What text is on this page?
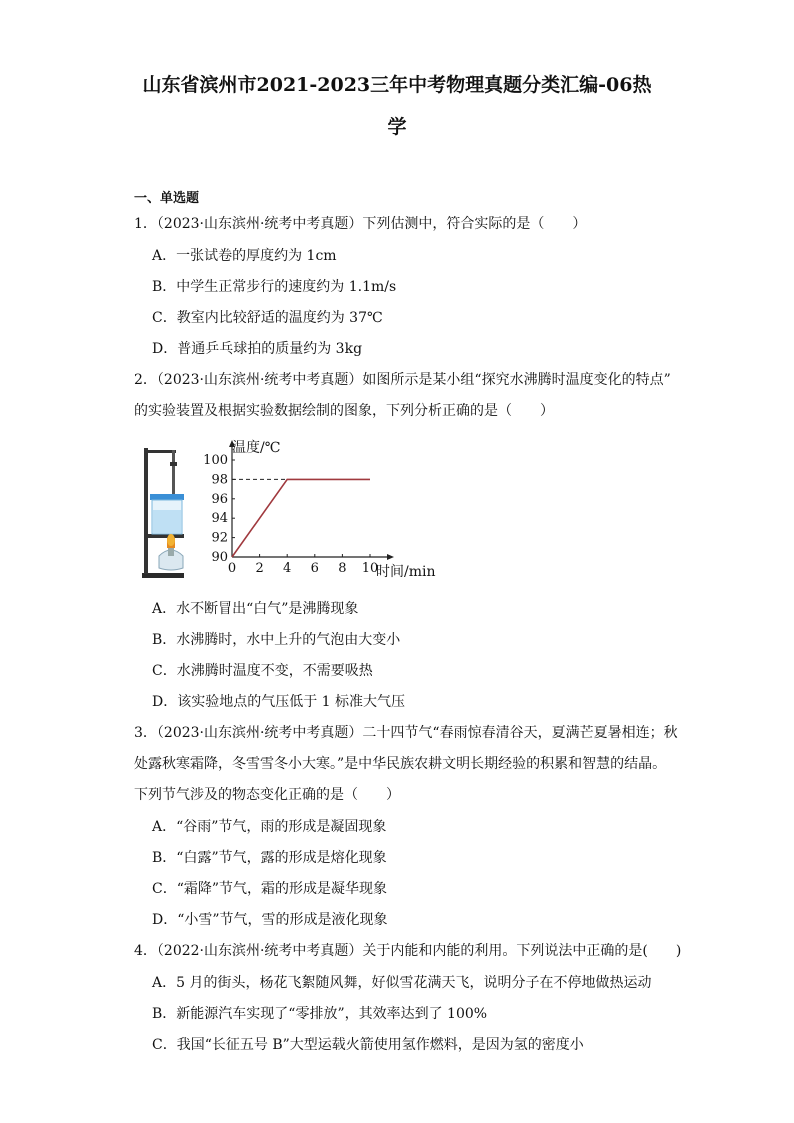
山东省滨州市2021-2023三年中考物理真题分类汇编-06热
学
一、单选题
1．（2023·山东滨州·统考中考真题）下列估测中，符合实际的是（　　）
A．一张试卷的厚度约为 1cm
B．中学生正常步行的速度约为 1.1m/s
C．教室内比较舒适的温度约为 37℃
D．普通乒乓球拍的质量约为 3kg
2．（2023·山东滨州·统考中考真题）如图所示是某小组“探究水沸腾时温度变化的特点”
的实验装置及根据实验数据绘制的图象，下列分析正确的是（　　）
0 2 4 6 8 10
90
92
94
96
98
100
温度/℃
时间/min
A．水不断冒出“白气”是沸腾现象
B．水沸腾时，水中上升的气泡由大变小
C．水沸腾时温度不变，不需要吸热
D．该实验地点的气压低于 1 标准大气压
3．（2023·山东滨州·统考中考真题）二十四节气“春雨惊春清谷天，夏满芒夏暑相连；秋
处露秋寒霜降，冬雪雪冬小大寒。”是中华民族农耕文明长期经验的积累和智慧的结晶。
下列节气涉及的物态变化正确的是（　　）
A．“谷雨”节气，雨的形成是凝固现象
B．“白露”节气，露的形成是熔化现象
C．“霜降”节气，霜的形成是凝华现象
D．“小雪”节气，雪的形成是液化现象
4．（2022·山东滨州·统考中考真题）关于内能和内能的利用。下列说法中正确的是(　　)
A．5 月的街头，杨花飞絮随风舞，好似雪花满天飞，说明分子在不停地做热运动
B．新能源汽车实现了“零排放”，其效率达到了 100%
C．我国“长征五号 B”大型运载火箭使用氢作燃料，是因为氢的密度小
